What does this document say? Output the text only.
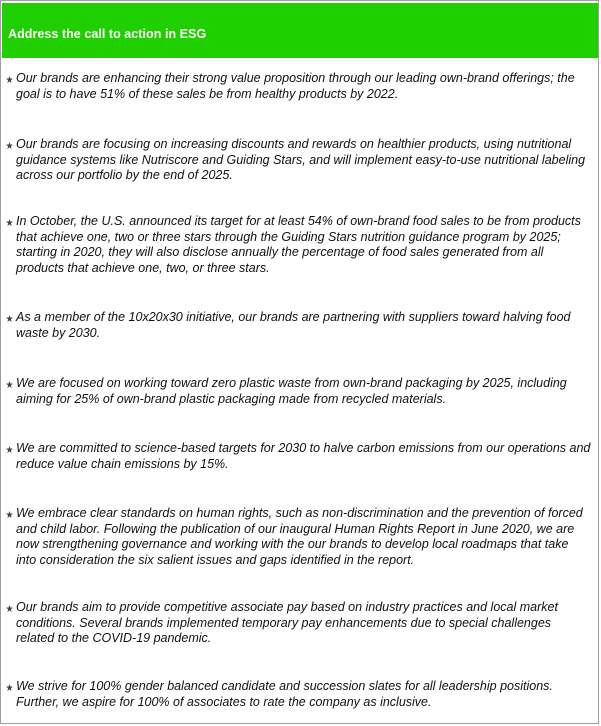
Address the call to action in ESG
Our brands are enhancing their strong value proposition through our leading own-brand offerings; the goal is to have 51% of these sales be from healthy products by 2022.
Our brands are focusing on increasing discounts and rewards on healthier products, using nutritional guidance systems like Nutriscore and Guiding Stars, and will implement easy-to-use nutritional labeling across our portfolio by the end of 2025.
In October, the U.S. announced its target for at least 54% of own-brand food sales to be from products that achieve one, two or three stars through the Guiding Stars nutrition guidance program by 2025; starting in 2020, they will also disclose annually the percentage of food sales generated from all products that achieve one, two, or three stars.
As a member of the 10x20x30 initiative, our brands are partnering with suppliers toward halving food waste by 2030.
We are focused on working toward zero plastic waste from own-brand packaging by 2025, including aiming for 25% of own-brand plastic packaging made from recycled materials.
We are committed to science-based targets for 2030 to halve carbon emissions from our operations and reduce value chain emissions by 15%.
We embrace clear standards on human rights, such as non-discrimination and the prevention of forced and child labor. Following the publication of our inaugural Human Rights Report in June 2020, we are now strengthening governance and working with the our brands to develop local roadmaps that take into consideration the six salient issues and gaps identified in the report.
Our brands aim to provide competitive associate pay based on industry practices and local market conditions. Several brands implemented temporary pay enhancements due to special challenges related to the COVID-19 pandemic.
We strive for 100% gender balanced candidate and succession slates for all leadership positions. Further, we aspire for 100% of associates to rate the company as inclusive.
